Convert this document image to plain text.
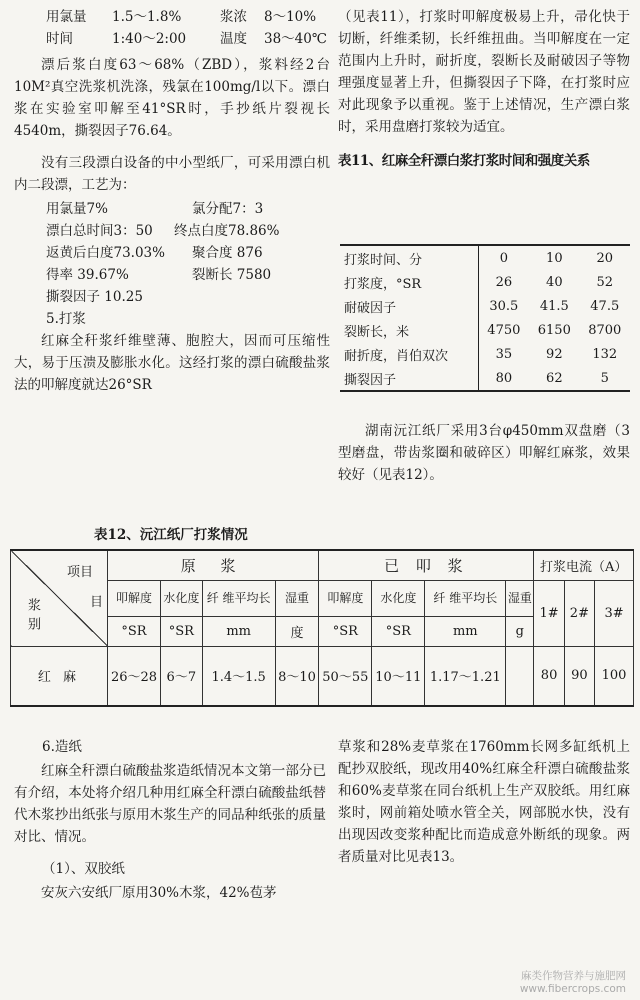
用氯量 1.5～1.8%	浆浓 8～10%
时间	1:40～2:00	温度 38～40℃

漂后浆白度63～68%（ZBD），浆料经2台10M²真空洗浆机洗涤，残氯在100mg/l以下。漂白浆在实验室叩解至41°SR时，手抄纸片裂视长4540m，撕裂因子76.64。

没有三段漂白设备的中小型纸厂，可采用漂白机内二段漂，工艺为：

用氯量7%	氯分配7：3
漂白总时间3：50 终点白度78.86%
返黄后白度73.03% 聚合度 876
得率 39.67%	裂断长 7580
撕裂因子 10.25

5.打浆

红麻全秆浆纤维壁薄、胞腔大，因而可压缩性大，易于压溃及膨胀水化。这经打浆的漂白硫酸盐浆法的叩解度就达26°SR

（见表11），打浆时叩解度极易上升，帚化快于切断，纤维柔韧，长纤维扭曲。当叩解度在一定范围内上升时，耐折度，裂断长及耐破因子等物理强度显著上升，但撕裂因子下降，在打浆时应对此现象予以重视。鉴于上述情况，生产漂白浆时，采用盘磨打浆较为适宜。

表11、红麻全秆漂白浆打浆时间和强度关系

打浆时间、分	0	10	20
打浆度，°SR	26	40	52
耐破因子	30.5	41.5	47.5
裂断长，米	4750	6150	8700
耐折度，肖伯双次	35	92	132
撕裂因子	80	62	5

湖南沅江纸厂采用3台φ450mm双盘磨（3型磨盘，带齿浆圈和破碎区）叩解红麻浆，效果较好（见表12）。

表12、沅江纸厂打浆情况
项目
目
浆别	原 浆				已 叩 浆				打浆电流（A）		
	叩解度	水化度	纤 维平均长	湿重	叩解度	水化度	纤 维平均长	湿重	1#	2#	3#
	°SR	°SR	mm	度	°SR	°SR	mm	g			
红 麻	26～28	6～7	1.4～1.5	8～10	50～55	10～11	1.17～1.21		80	90	100

6.造纸

红麻全秆漂白硫酸盐浆造纸情况本文第一部分已有介绍，本处将介绍几种用红麻全秆漂白硫酸盐纸替代木浆抄出纸张与原用木浆生产的同品种纸张的质量对比、情况。

（1）、双胶纸

安灰六安纸厂原用30%木浆，42%苞茅

草浆和28%麦草浆在1760mm长网多缸纸机上配抄双胶纸，现改用40%红麻全秆漂白硫酸盐浆和60%麦草浆在同台纸机上生产双胶纸。用红麻浆时，网前箱处喷水管全关，网部脱水快，没有出现因改变浆种配比而造成意外断纸的现象。两者质量对比见表13。

麻类作物营养与施肥网
www.fibercrops.com
